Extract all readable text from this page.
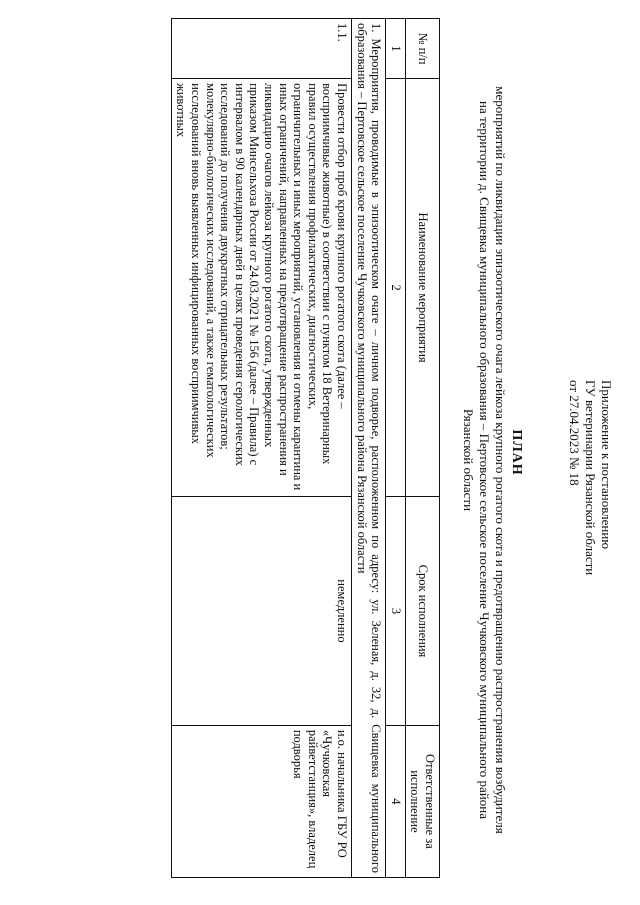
Приложение к постановлению
ГУ ветеринарии Рязанской области
от 27.04.2023 № 18
ПЛАН
мероприятий по ликвидации эпизоотического очага лейкоза крупного рогатого скота и предотвращению распространения возбудителя на территории д. Свищевка муниципального образования – Пертовское сельское поселение Чучковского муниципального района Рязанской области
№ п/п	Наименование мероприятия	Срок исполнения	Ответственные за исполнение
1	2	3	4
1. Мероприятия, проводимые в эпизоотическом очаге – личном подворье, расположенном по адресу: ул. Зеленая, д. 32, д. Свищевка муниципального образования – Пертовское сельское поселение Чучковского муниципального района Рязанской области			
1.1.	Провести отбор проб крови крупного рогатого скота (далее – восприимчивые животные) в соответствии с пунктом 18 Ветеринарных правил осуществления профилактических, диагностических, ограничительных и иных мероприятий, установления и отмены карантина и иных ограничений, направленных на предотвращение распространения и ликвидацию очагов лейкоза крупного рогатого скота, утвержденных приказом Минсельхоза России от 24.03.2021 № 156 (далее – Правила) с интервалом в 90 календарных дней в целях проведения серологических исследований до получения двукратных отрицательных результатов; молекулярно-биологических исследований, а также гематологических исследований вновь выявленных инфицированных восприимчивых животных	немедленно	и.о. начальника ГБУ РО «Чучковская райветстанция», владелец подворья
